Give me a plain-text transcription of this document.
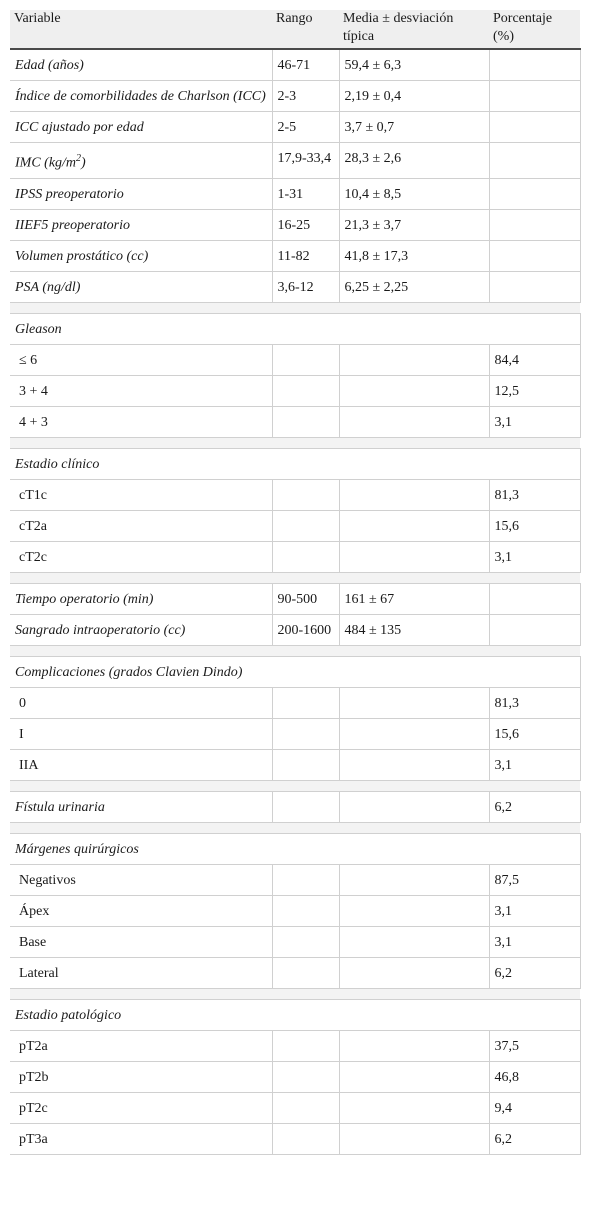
Variable	Rango	Media ± desviación típica	Porcentaje (%)
Edad (años)	46-71	59,4 ± 6,3	
Índice de comorbilidades de Charlson (ICC)	2-3	2,19 ± 0,4	
ICC ajustado por edad	2-5	3,7 ± 0,7	
IMC $(kg/m^2)$	17,9-33,4	28,3 ± 2,6	
IPSS preoperatorio	1-31	10,4 ± 8,5	
IIEF5 preoperatorio	16-25	21,3 ± 3,7	
Volumen prostático (cc)	11-82	41,8 ± 17,3	
PSA (ng/dl)	3,6-12	6,25 ± 2,25	

Gleason			
≤ 6			84,4
3 + 4			12,5
4 + 3			3,1

Estadio clínico			
cT1c			81,3
cT2a			15,6
cT2c			3,1

Tiempo operatorio (min)	90-500	161 ± 67	
Sangrado intraoperatorio (cc)	200-1600	484 ± 135	

Complicaciones (grados Clavien Dindo)			
0			81,3
I			15,6
IIA			3,1

Fístula urinaria			6,2

Márgenes quirúrgicos			
Negativos			87,5
Ápex			3,1
Base			3,1
Lateral			6,2

Estadio patológico			
pT2a			37,5
pT2b			46,8
pT2c			9,4
pT3a			6,2
